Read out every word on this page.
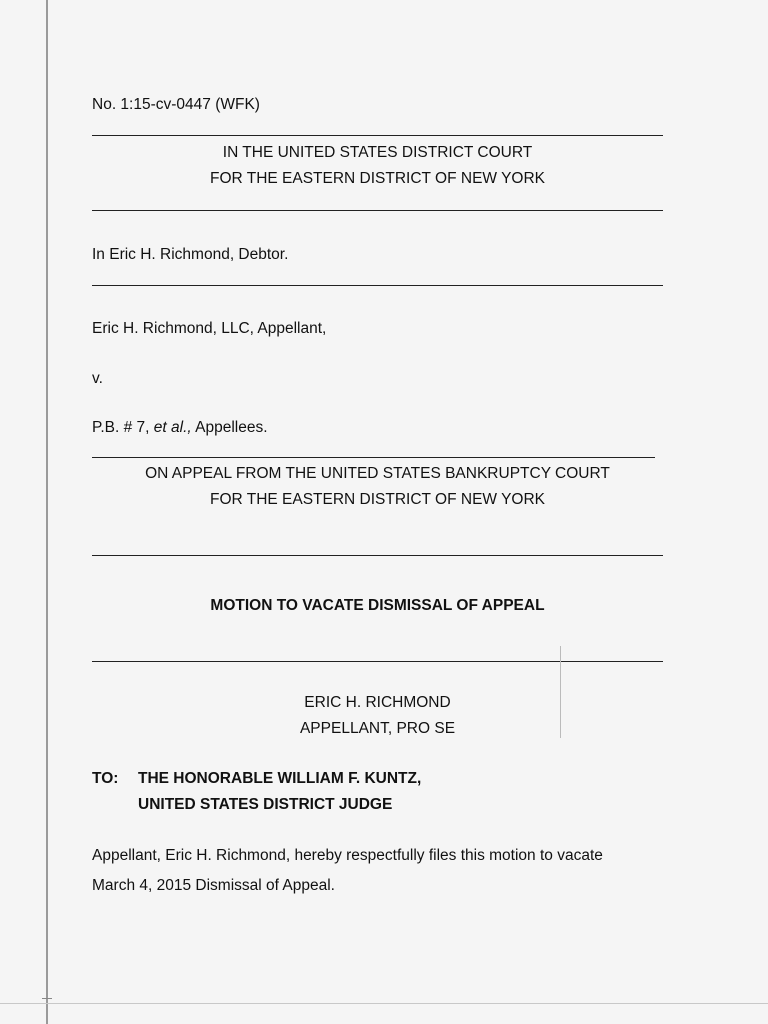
No. 1:15-cv-0447 (WFK)
IN THE UNITED STATES DISTRICT COURT
FOR THE EASTERN DISTRICT OF NEW YORK
In Eric H. Richmond, Debtor.
Eric H. Richmond, LLC, Appellant,
v.
P.B. # 7, et al., Appellees.
ON APPEAL FROM THE UNITED STATES BANKRUPTCY COURT
FOR THE EASTERN DISTRICT OF NEW YORK
MOTION TO VACATE DISMISSAL OF APPEAL
ERIC H. RICHMOND
APPELLANT, PRO SE
TO: THE HONORABLE WILLIAM F. KUNTZ,
UNITED STATES DISTRICT JUDGE
Appellant, Eric H. Richmond, hereby respectfully files this motion to vacate
March 4, 2015 Dismissal of Appeal.
